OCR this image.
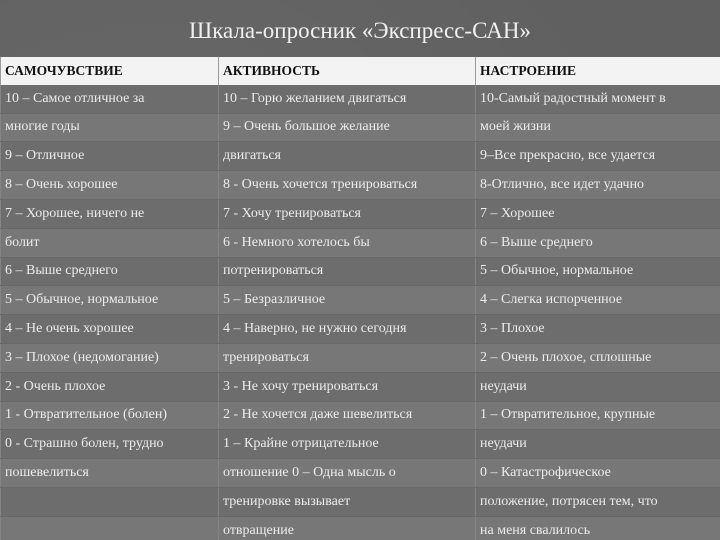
Шкала-опросник «Экспресс-САН»
САМОЧУВСТВИЕ	АКТИВНОСТЬ	НАСТРОЕНИЕ
10 – Самое отличное за	10 – Горю желанием двигаться	10-Самый радостный момент в
многие годы	9 – Очень большое желание	моей жизни
9 – Отличное	двигаться	9–Все прекрасно, все удается
8 – Очень хорошее	8 - Очень хочется тренироваться	8-Отлично, все идет удачно
7 – Хорошее, ничего не	7 - Хочу тренироваться	7 – Хорошее
болит	6 - Немного хотелось бы	6 – Выше среднего
6 – Выше среднего	потренироваться	5 – Обычное, нормальное
5 – Обычное, нормальное	5 – Безразличное	4 – Слегка испорченное
4 – Не очень хорошее	4 – Наверно, не нужно сегодня	3 – Плохое
3 – Плохое (недомогание)	тренироваться	2 – Очень плохое, сплошные
2 - Очень плохое	3 - Не хочу тренироваться	неудачи
1 - Отвратительное (болен)	2 - Не хочется даже шевелиться	1 – Отвратительное, крупные
0 - Страшно болен, трудно	1 – Крайне отрицательное	неудачи
пошевелиться	отношение 0 – Одна мысль о	0 – Катастрофическое
	тренировке вызывает	положение, потрясен тем, что
	отвращение	на меня свалилось
